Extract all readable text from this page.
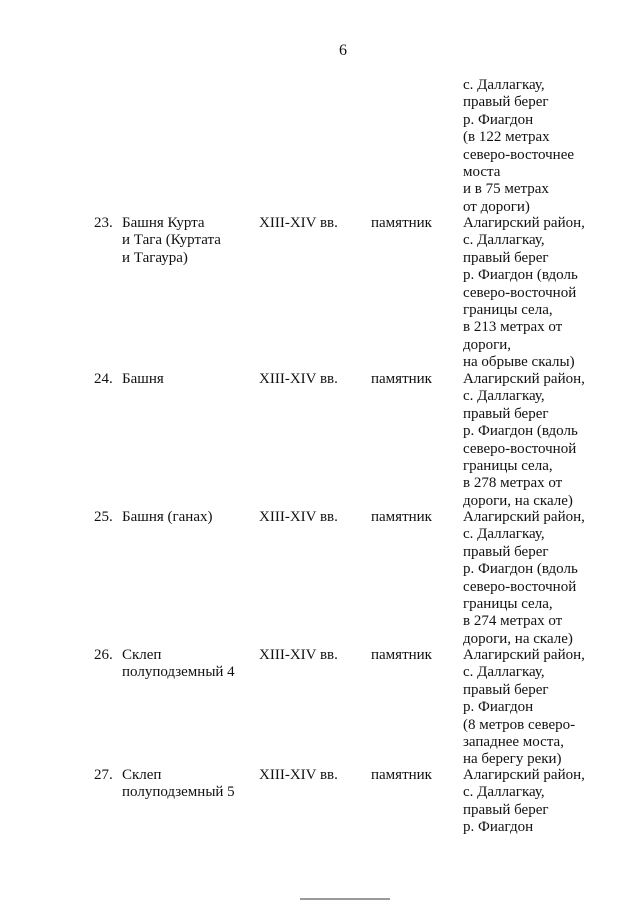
6
с. Даллагкау,
правый берег
р. Фиагдон
(в 122 метрах
северо-восточнее
моста
и в 75 метрах
от дороги)
23. Башня Курта
и Тага (Куртата
и Тагаура)
XIII-XIV вв. памятник Алагирский район,
с. Даллагкау,
правый берег
р. Фиагдон (вдоль
северо-восточной
границы села,
в 213 метрах от
дороги,
на обрыве скалы)
24. Башня	XIII-XIV вв. памятник Алагирский район,
с. Даллагкау,
правый берег
р. Фиагдон (вдоль
северо-восточной
границы села,
в 278 метрах от
дороги, на скале)
25. Башня (ганах)	XIII-XIV вв. памятник Алагирский район,
с. Даллагкау,
правый берег
р. Фиагдон (вдоль
северо-восточной
границы села,
в 274 метрах от
дороги, на скале)
26. Склеп
полуподземный 4
XIII-XIV вв. памятник Алагирский район,
с. Даллагкау,
правый берег
р. Фиагдон
(8 метров северо-
западнее моста,
на берегу реки)
27. Склеп
полуподземный 5
XIII-XIV вв. памятник Алагирский район,
с. Даллагкау,
правый берег
р. Фиагдон
